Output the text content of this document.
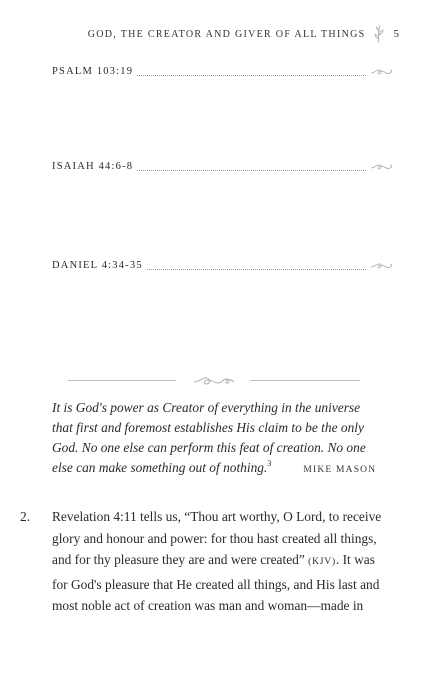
GOD, THE CREATOR AND GIVER OF ALL THINGS	5
PSALM 103:19
ISAIAH 44:6-8
DANIEL 4:34-35
It is God's power as Creator of everything in the universe
that first and foremost establishes His claim to be the only
God. No one else can perform this feat of creation. No one
else can make something out of nothing.$^3$MIKE MASON
2.	Revelation 4:11 tells us, “Thou art worthy, O Lord, to receive
glory and honour and power: for thou hast created all things,
and for thy pleasure they are and were created” (KJV). It was
for God's pleasure that He created all things, and His last and
most noble act of creation was man and woman—made in
